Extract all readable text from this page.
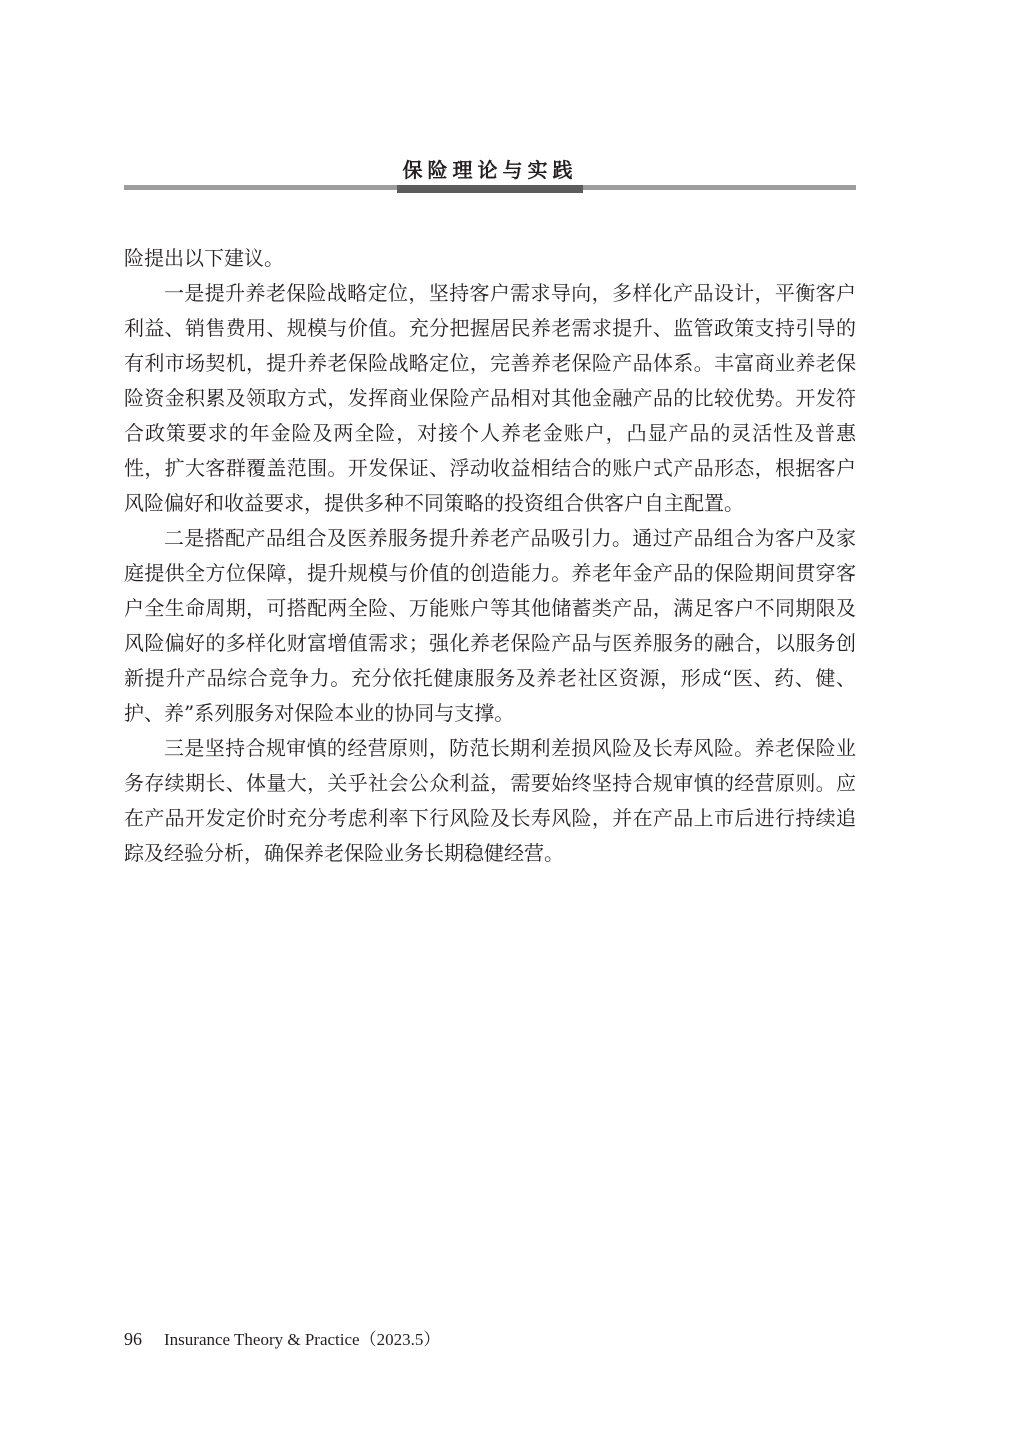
保险理论与实践

险提出以下建议。

一是提升养老保险战略定位，坚持客户需求导向，多样化产品设计，平衡客户利益、销售费用、规模与价值。充分把握居民养老需求提升、监管政策支持引导的有利市场契机，提升养老保险战略定位，完善养老保险产品体系。丰富商业养老保险资金积累及领取方式，发挥商业保险产品相对其他金融产品的比较优势。开发符合政策要求的年金险及两全险，对接个人养老金账户，凸显产品的灵活性及普惠性，扩大客群覆盖范围。开发保证、浮动收益相结合的账户式产品形态，根据客户风险偏好和收益要求，提供多种不同策略的投资组合供客户自主配置。

二是搭配产品组合及医养服务提升养老产品吸引力。通过产品组合为客户及家庭提供全方位保障，提升规模与价值的创造能力。养老年金产品的保险期间贯穿客户全生命周期，可搭配两全险、万能账户等其他储蓄类产品，满足客户不同期限及风险偏好的多样化财富增值需求；强化养老保险产品与医养服务的融合，以服务创新提升产品综合竞争力。充分依托健康服务及养老社区资源，形成“医、药、健、护、养”系列服务对保险本业的协同与支撑。

三是坚持合规审慎的经营原则，防范长期利差损风险及长寿风险。养老保险业务存续期长、体量大，关乎社会公众利益，需要始终坚持合规审慎的经营原则。应在产品开发定价时充分考虑利率下行风险及长寿风险，并在产品上市后进行持续追踪及经验分析，确保养老保险业务长期稳健经营。

96 Insurance Theory & Practice（2023.5）
